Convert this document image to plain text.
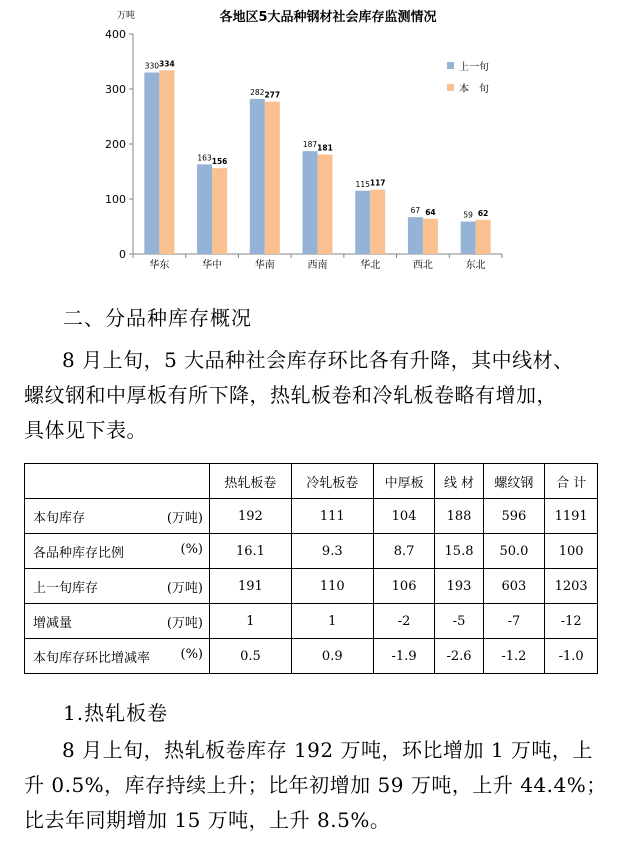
各地区5大品种钢材社会库存监测情况
万吨
0
100
200
300
400
华东	华中	华南	西南	华北	西北	东北
330 334
163 156
282 277
187 181
115 117
67 64	59 62
上一旬
本　旬
二、分品种库存概况

8 月上旬，5 大品种社会库存环比各有升降，其中线材、
螺纹钢和中厚板有所下降，热轧板卷和冷轧板卷略有增加，
具体见下表。

	热轧板卷	冷轧板卷	中厚板	线 材	螺纹钢	合 计
本旬库存 (万吨)	192	111	104	188	596	1191
各品种库存比例 (%)	16.1	9.3	8.7	15.8	50.0	100
上一旬库存 (万吨)	191	110	106	193	603	1203
增减量 (万吨)	1	1	-2	-5	-7	-12
本旬库存环比增减率 (%)	0.5	0.9	-1.9	-2.6	-1.2	-1.0
1.热轧板卷

8 月上旬，热轧板卷库存 192 万吨，环比增加 1 万吨，上
升 0.5%，库存持续上升；比年初增加 59 万吨，上升 44.4%；
比去年同期增加 15 万吨，上升 8.5%。
